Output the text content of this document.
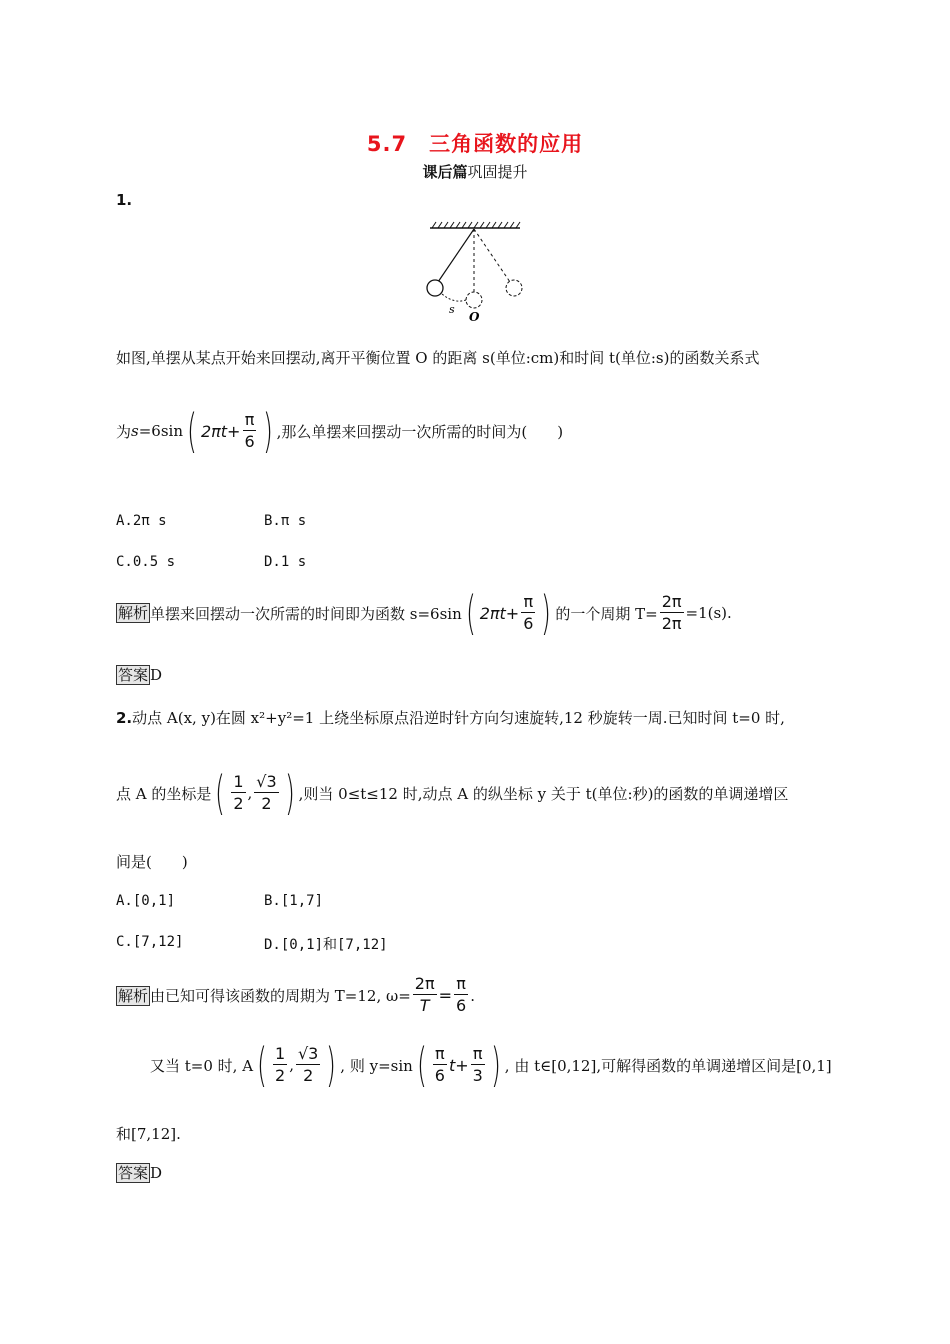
5.7　三角函数的应用
课后篇巩固提升
1.
s
O
如图,单摆从某点开始来回摆动,离开平衡位置 O 的距离 s(单位:cm)和时间 t(单位:s)的函数关系式
为 s =6sin ( $2\pi t+ \frac{\pi}{6}$ ) ,那么单摆来回摆动一次所需的时间为(　　)
A.2π s	B.π s
C.0.5 s	D.1 s
解析 单摆来回摆动一次所需的时间即为函数 s=6sin ( $2\pi t+ \frac{\pi}{6}$ ) 的一个周期 $T= \frac{2\pi}{2\pi} =1(s)$.
答案 D
2. 动点 A(x, y)在圆 x²+y²=1 上绕坐标原点沿逆时针方向匀速旋转,12 秒旋转一周.已知时间 t=0 时,
点 A 的坐标是 ( $\frac{1}{2}$ , $\frac{√3}{2}$ ) ,则当 0≤t≤12 时,动点 A 的纵坐标 y 关于 t(单位:秒)的函数的单调递增区
间是(　　)
A.[0,1]	B.[1,7]
C.[7,12]	D.[0,1]和[7,12]
解析 由已知可得该函数的周期为 T=12, $\omega= \frac{2\pi}{T} = \frac{\pi}{6}$ .
又当 t=0 时, A ( $\frac{1}{2}$ , $\frac{√3}{2}$ ) , 则 y=sin ( $\frac{\pi}{6} t+ \frac{\pi}{3}$ ) , 由 t∈[0,12],可解得函数的单调递增区间是[0,1]
和[7,12].
答案 D
